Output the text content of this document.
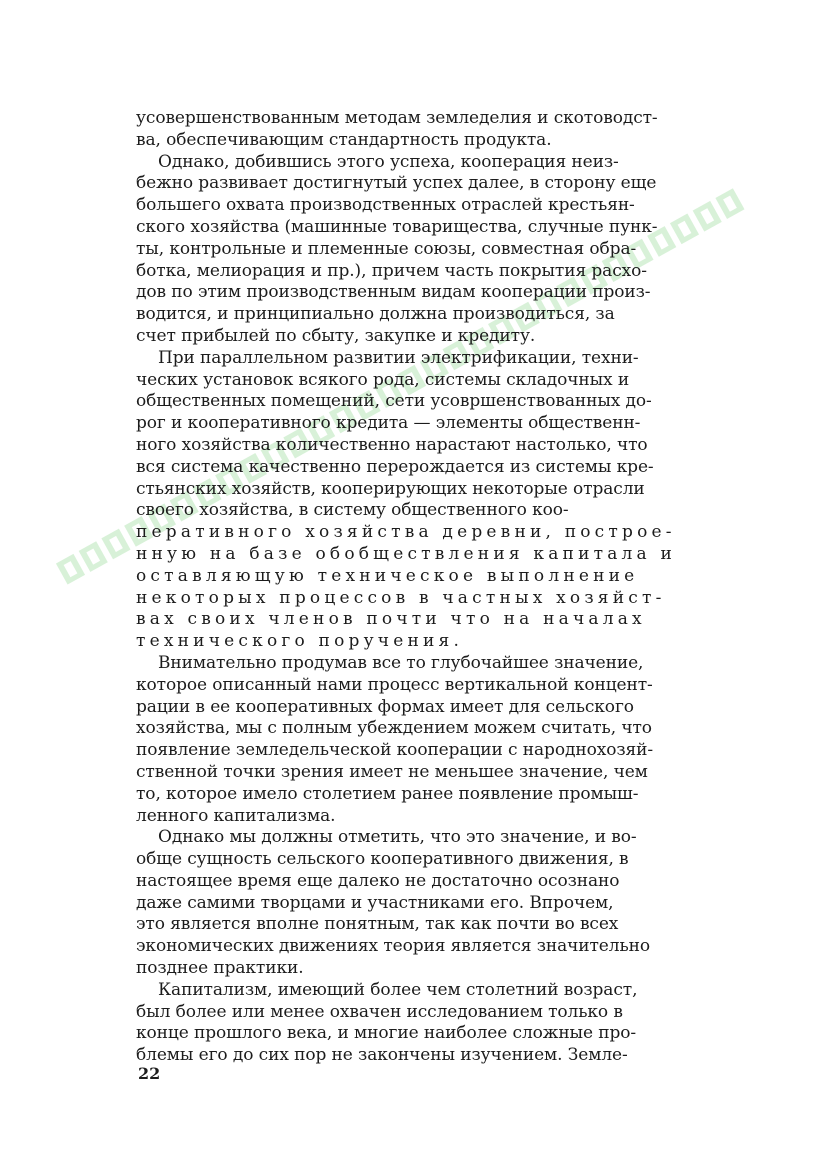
усовершенствованным методам земледелия и скотоводст-
ва, обеспечивающим стандартность продукта.
Однако, добившись этого успеха, кооперация неиз-
бежно развивает достигнутый успех далее, в сторону еще
большего охвата производственных отраслей крестьян-
ского хозяйства (машинные товарищества, случные пунк-
ты, контрольные и племенные союзы, совместная обра-
ботка, мелиорация и пр.), причем часть покрытия расхо-
дов по этим производственным видам кооперации произ-
водится, и принципиально должна производиться, за
счет прибылей по сбыту, закупке и кредиту.
При параллельном развитии электрификации, техни-
ческих установок всякого рода, системы складочных и
общественных помещений, сети усовршенствованных до-
рог и кооперативного кредита — элементы общественн-
ного хозяйства количественно нарастают настолько, что
вся система качественно перерождается из системы кре-
стьянских хозяйств, кооперирующих некоторые отрасли
своего хозяйства, в систему общественного коо-
перативного хозяйства деревни, построе-
нную на базе обобществления капитала и
оставляющую техническое выполнение
некоторых процессов в частных хозяйст-
вах своих членов почти что на началах
технического поручения.
Внимательно продумав все то глубочайшее значение,
которое описанный нами процесс вертикальной концент-
рации в ее кооперативных формах имеет для сельского
хозяйства, мы с полным убеждением можем считать, что
появление земледельческой кооперации с народнохозяй-
ственной точки зрения имеет не меньшее значение, чем
то, которое имело столетием ранее появление промыш-
ленного капитализма.
Однако мы должны отметить, что это значение, и во-
обще сущность сельского кооперативного движения, в
настоящее время еще далеко не достаточно осознано
даже самими творцами и участниками его. Впрочем,
это является вполне понятным, так как почти во всех
экономических движениях теория является значительно
позднее практики.
Капитализм, имеющий более чем столетний возраст,
был более или менее охвачен исследованием только в
конце прошлого века, и многие наиболее сложные про-
блемы его до сих пор не закончены изучением. Земле-
22
